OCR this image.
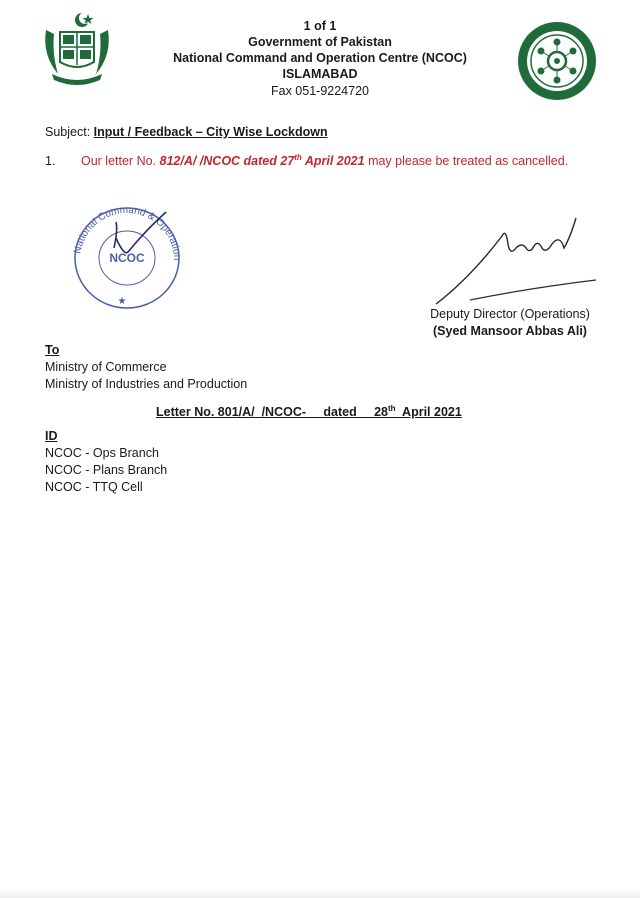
1 of 1
Government of Pakistan
National Command and Operation Centre (NCOC)
ISLAMABAD
Fax 051-9224720
Subject: Input / Feedback – City Wise Lockdown
1. Our letter No. 812/A/ /NCOC dated 27th April 2021 may please be treated as cancelled.
National Command & Operation
NCOC
★
Deputy Director (Operations)
(Syed Mansoor Abbas Ali)
To
Ministry of Commerce
Ministry of Industries and Production
Letter No. 801/A/  /NCOC-     dated     28th  April 2021
ID
NCOC - Ops Branch
NCOC - Plans Branch
NCOC - TTQ Cell
